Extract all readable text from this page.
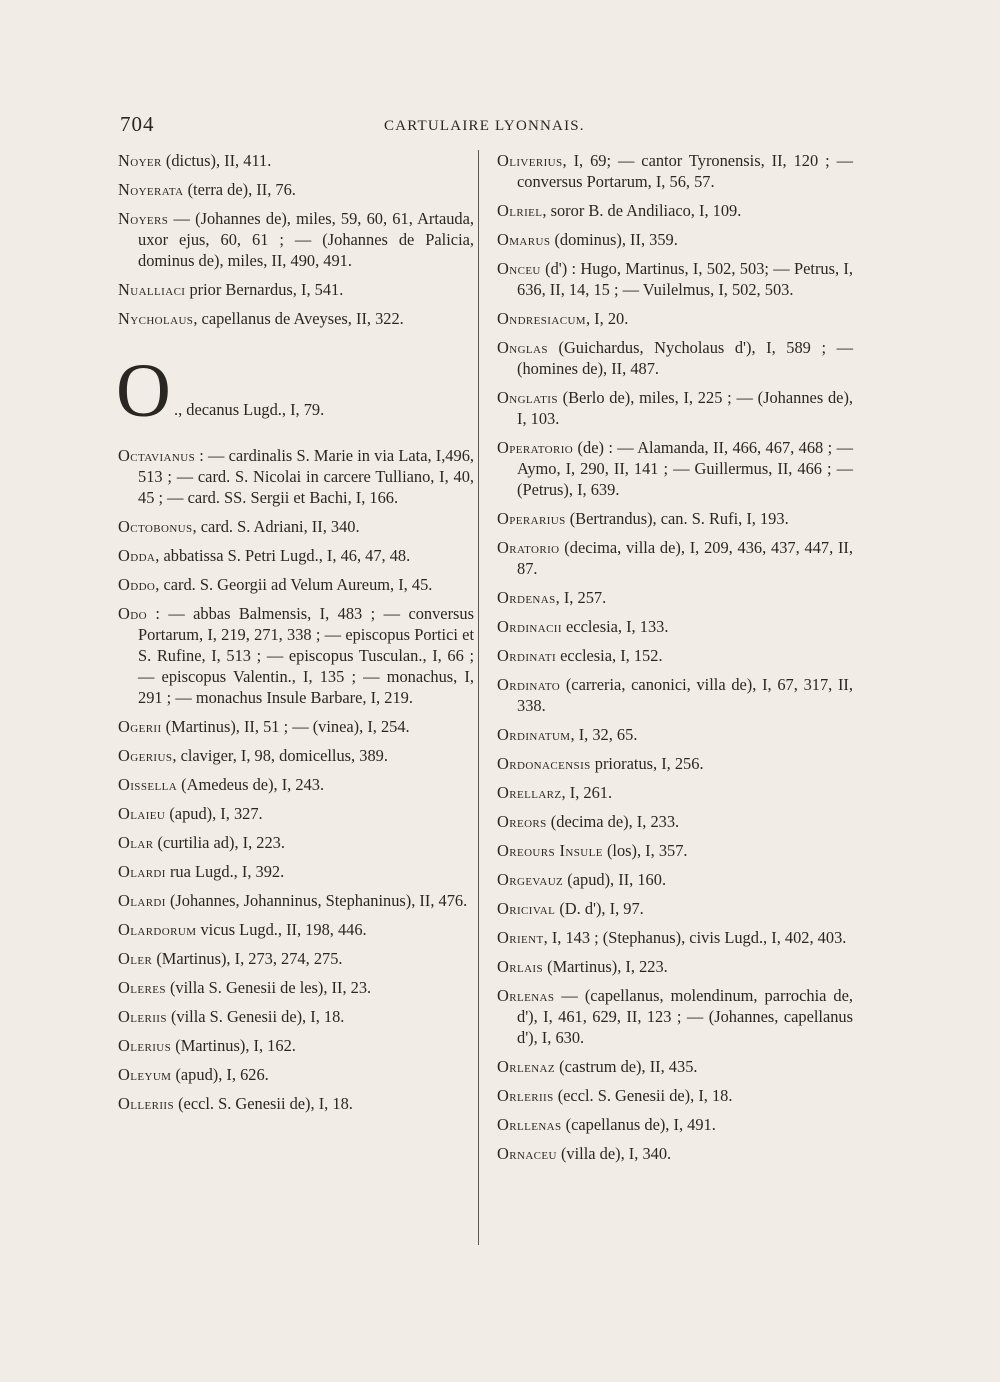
704	CARTULAIRE LYONNAIS.
Noyer (dictus), II, 411.
Noyerata (terra de), II, 76.
Noyers — (Johannes de), miles, 59, 60, 61, Artauda, uxor ejus, 60, 61 ; — (Johannes de Palicia, dominus de), miles, II, 490, 491.
Nualliaci prior Bernardus, I, 541.
Nycholaus, capellanus de Aveyses, II, 322.
O ., decanus Lugd., I, 79.
Octavianus : — cardinalis S. Marie in via Lata, I,496, 513 ; — card. S. Nicolai in carcere Tulliano, I, 40, 45 ; — card. SS. Sergii et Bachi, I, 166.
Octobonus, card. S. Adriani, II, 340.
Odda, abbatissa S. Petri Lugd., I, 46, 47, 48.
Oddo, card. S. Georgii ad Velum Aureum, I, 45.
Odo : — abbas Balmensis, I, 483 ; — conversus Portarum, I, 219, 271, 338 ; — episcopus Portici et S. Rufine, I, 513 ; — episcopus Tusculan., I, 66 ; — episcopus Valentin., I, 135 ; — monachus, I, 291 ; — monachus Insule Barbare, I, 219.
Ogerii (Martinus), II, 51 ; — (vinea), I, 254.
Ogerius, claviger, I, 98, domicellus, 389.
Oissella (Amedeus de), I, 243.
Olaieu (apud), I, 327.
Olar (curtilia ad), I, 223.
Olardi rua Lugd., I, 392.
Olardi (Johannes, Johanninus, Stephaninus), II, 476.
Olardorum vicus Lugd., II, 198, 446.
Oler (Martinus), I, 273, 274, 275.
Oleres (villa S. Genesii de les), II, 23.
Oleriis (villa S. Genesii de), I, 18.
Olerius (Martinus), I, 162.
Oleyum (apud), I, 626.
Olleriis (eccl. S. Genesii de), I, 18.
Oliverius, I, 69; — cantor Tyronensis, II, 120 ; — conversus Portarum, I, 56, 57.
Olriel, soror B. de Andiliaco, I, 109.
Omarus (dominus), II, 359.
Onceu (d') : Hugo, Martinus, I, 502, 503; — Petrus, I, 636, II, 14, 15 ; — Vuilelmus, I, 502, 503.
Ondresiacum, I, 20.
Onglas (Guichardus, Nycholaus d'), I, 589 ; — (homines de), II, 487.
Onglatis (Berlo de), miles, I, 225 ; — (Johannes de), I, 103.
Operatorio (de) : — Alamanda, II, 466, 467, 468 ; — Aymo, I, 290, II, 141 ; — Guillermus, II, 466 ; — (Petrus), I, 639.
Operarius (Bertrandus), can. S. Rufi, I, 193.
Oratorio (decima, villa de), I, 209, 436, 437, 447, II, 87.
Ordenas, I, 257.
Ordinacii ecclesia, I, 133.
Ordinati ecclesia, I, 152.
Ordinato (carreria, canonici, villa de), I, 67, 317, II, 338.
Ordinatum, I, 32, 65.
Ordonacensis prioratus, I, 256.
Orellarz, I, 261.
Oreors (decima de), I, 233.
Oreours Insule (los), I, 357.
Orgevauz (apud), II, 160.
Oricival (D. d'), I, 97.
Orient, I, 143 ; (Stephanus), civis Lugd., I, 402, 403.
Orlais (Martinus), I, 223.
Orlenas — (capellanus, molendinum, parrochia de, d'), I, 461, 629, II, 123 ; — (Johannes, capellanus d'), I, 630.
Orlenaz (castrum de), II, 435.
Orleriis (eccl. S. Genesii de), I, 18.
Orllenas (capellanus de), I, 491.
Ornaceu (villa de), I, 340.
